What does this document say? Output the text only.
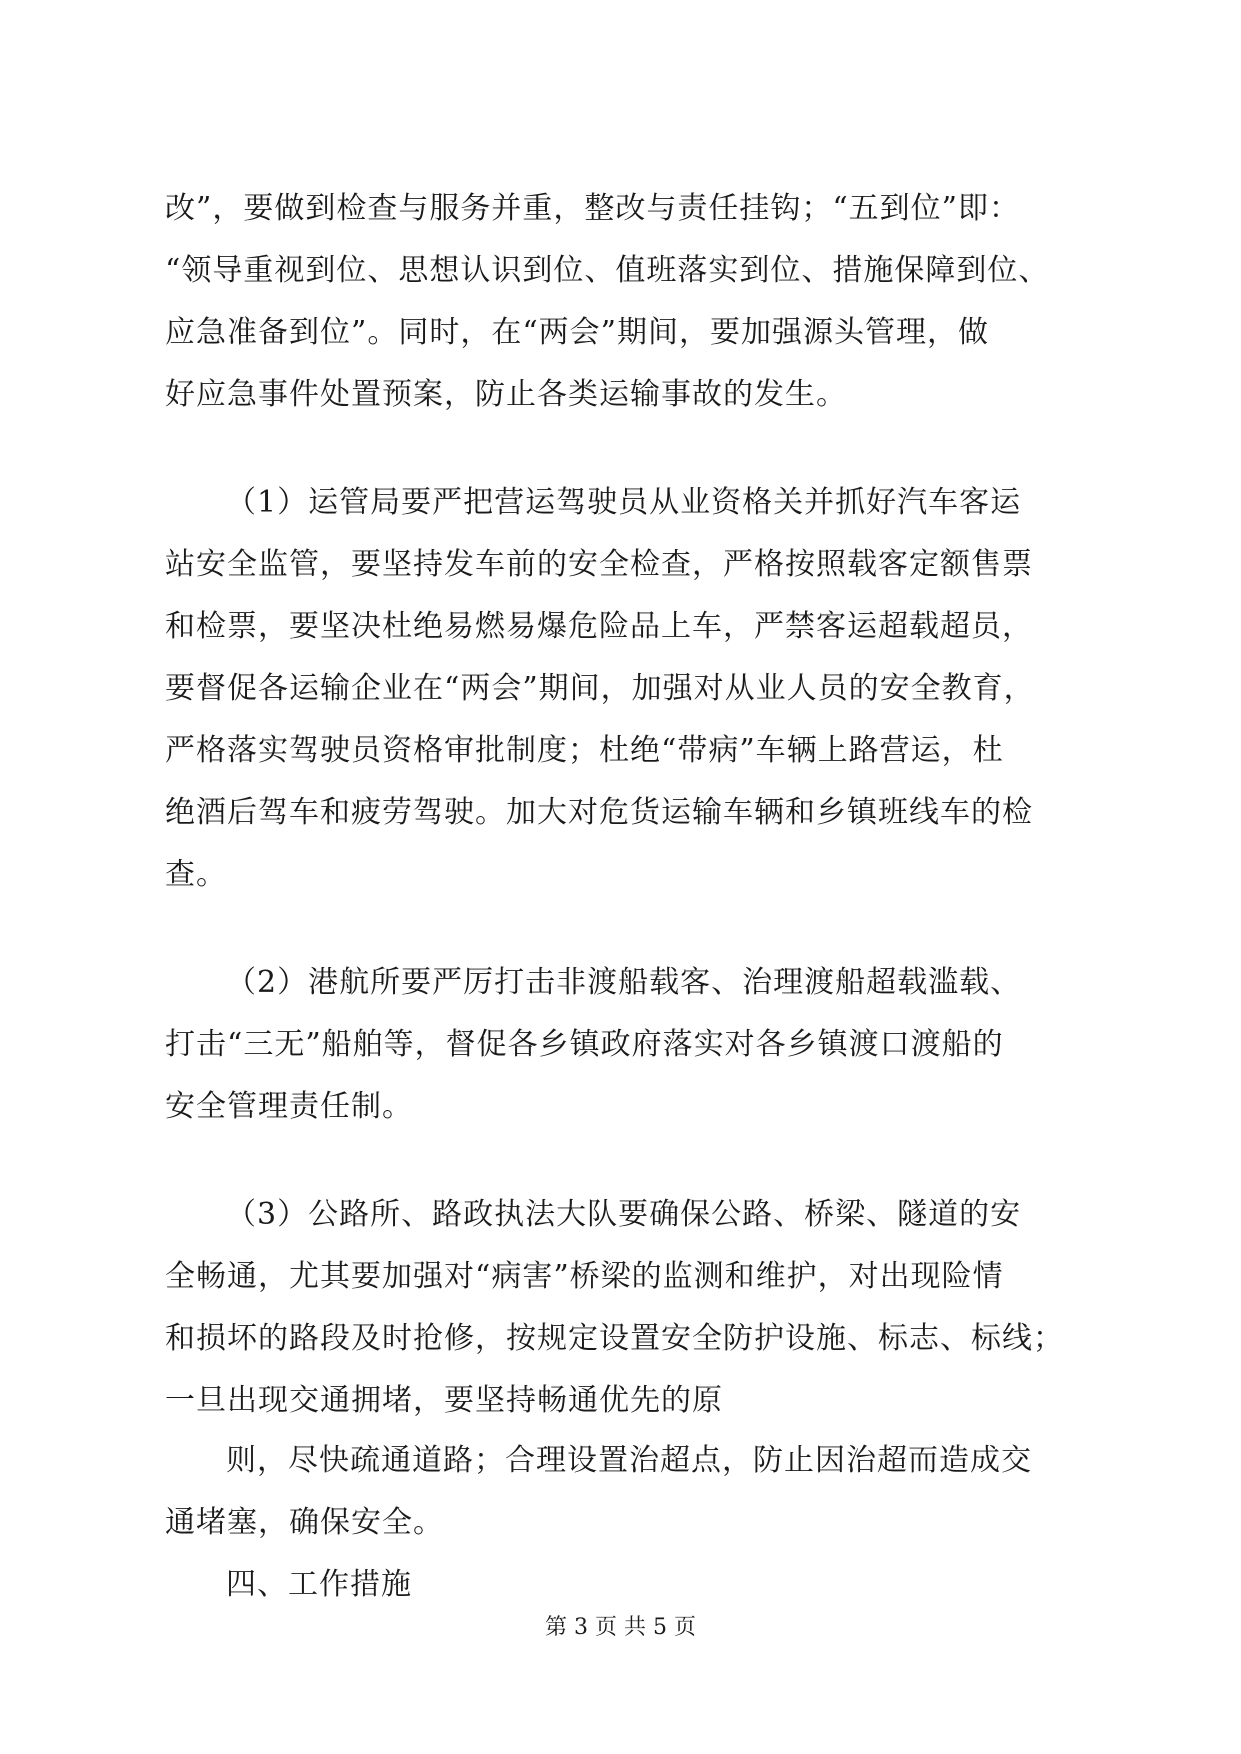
改”，要做到检查与服务并重，整改与责任挂钩；“五到位”即：
“领导重视到位、思想认识到位、值班落实到位、措施保障到位、
应急准备到位”。同时，在“两会”期间，要加强源头管理，做
好应急事件处置预案，防止各类运输事故的发生。
（1）运管局要严把营运驾驶员从业资格关并抓好汽车客运
站安全监管，要坚持发车前的安全检查，严格按照载客定额售票
和检票，要坚决杜绝易燃易爆危险品上车，严禁客运超载超员，
要督促各运输企业在“两会”期间，加强对从业人员的安全教育，
严格落实驾驶员资格审批制度；杜绝“带病”车辆上路营运，杜
绝酒后驾车和疲劳驾驶。加大对危货运输车辆和乡镇班线车的检
查。
（2）港航所要严厉打击非渡船载客、治理渡船超载滥载、
打击“三无”船舶等，督促各乡镇政府落实对各乡镇渡口渡船的
安全管理责任制。
（3）公路所、路政执法大队要确保公路、桥梁、隧道的安
全畅通，尤其要加强对“病害”桥梁的监测和维护，对出现险情
和损坏的路段及时抢修，按规定设置安全防护设施、标志、标线；
一旦出现交通拥堵，要坚持畅通优先的原
则，尽快疏通道路；合理设置治超点，防止因治超而造成交
通堵塞，确保安全。
四、工作措施
第 3 页 共 5 页
